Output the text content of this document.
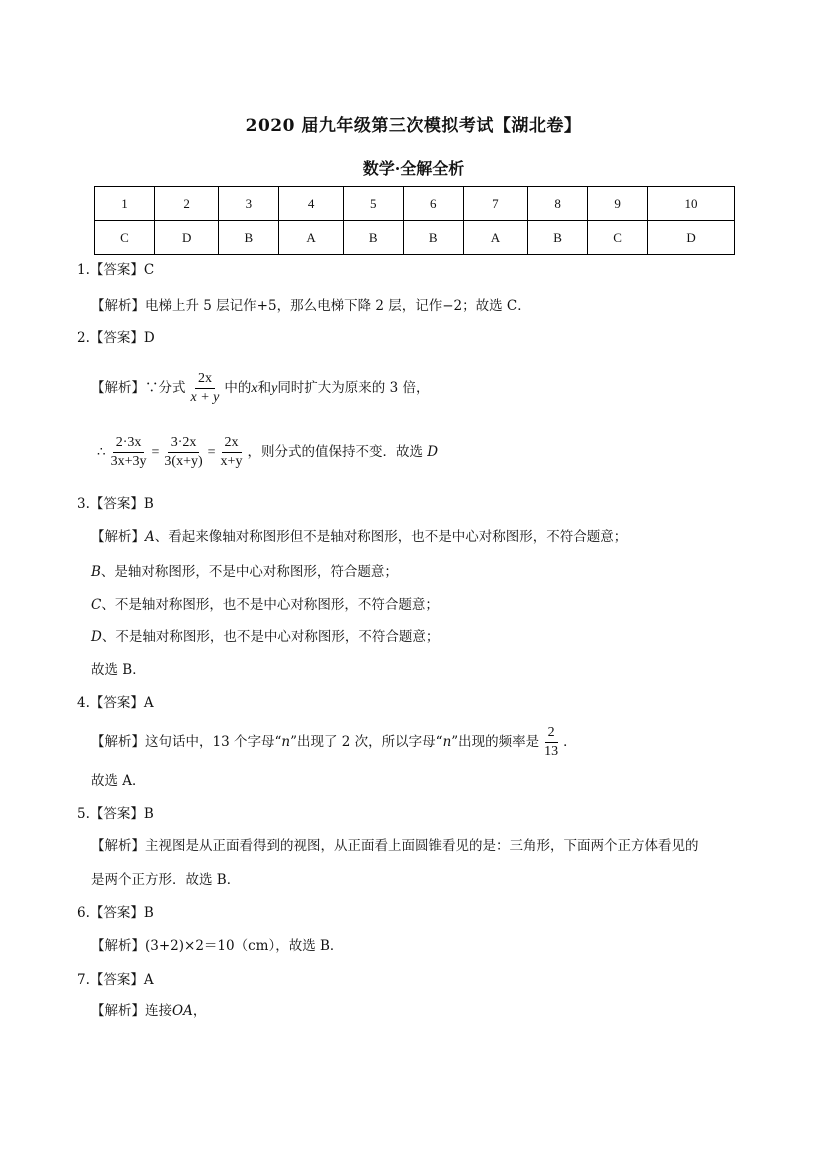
2020 届九年级第三次模拟考试【湖北卷】
数学·全解全析
1	2	3	4	5	6	7	8	9	10
C	D	B	A	B	B	A	B	C	D
1.【答案】C
【解析】电梯上升 5 层记作+5，那么电梯下降 2 层，记作−2；故选 C．
2.【答案】D
【解析】∵分式 $\frac{2x}{x + y}$ 中的x和y同时扩大为原来的 3 倍，
∴ $\frac{2\cdot 3x}{3x+3y} = \frac{3\cdot 2x}{3(x+y)} = \frac{2x}{x+y}$ ，则分式的值保持不变．故选 D
3.【答案】B
【解析】A、看起来像轴对称图形但不是轴对称图形，也不是中心对称图形，不符合题意；
B、是轴对称图形，不是中心对称图形，符合题意；
C、不是轴对称图形，也不是中心对称图形，不符合题意；
D、不是轴对称图形，也不是中心对称图形，不符合题意；
故选 B．
4.【答案】A
【解析】这句话中，13 个字母“n”出现了 2 次，所以字母“n”出现的频率是 $\frac{2}{13}$ ．
故选 A．
5.【答案】B
【解析】主视图是从正面看得到的视图，从正面看上面圆锥看见的是：三角形，下面两个正方体看见的
是两个正方形．故选 B．
6.【答案】B
【解析】(3+2)×2＝10（cm），故选 B．
7.【答案】A
【解析】连接OA，
